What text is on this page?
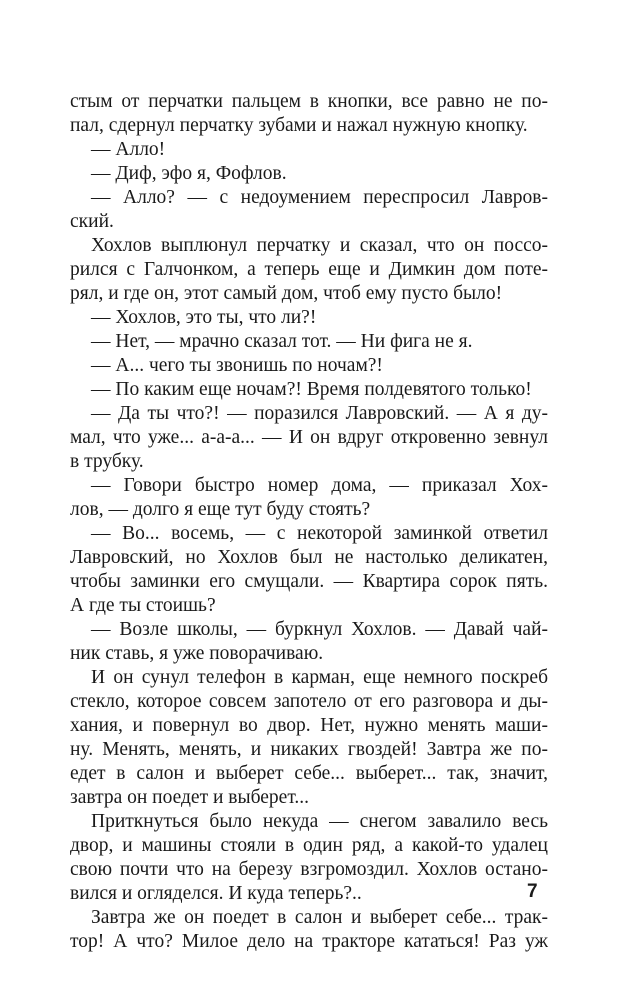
стым от перчатки пальцем в кнопки, все равно не по-
пал, сдернул перчатку зубами и нажал нужную кнопку.
— Алло!
— Диф, эфо я, Фофлов.
— Алло? — с недоумением переспросил Лавров-
ский.
Хохлов выплюнул перчатку и сказал, что он поссо-
рился с Галчонком, а теперь еще и Димкин дом потe-
рял, и где он, этот самый дом, чтоб ему пусто было!
— Хохлов, это ты, что ли?!
— Нет, — мрачно сказал тот. — Ни фига не я.
— А... чего ты звонишь по ночам?!
— По каким еще ночам?! Время полдевятого только!
— Да ты что?! — поразился Лавровский. — А я ду-
мал, что уже... а-а-а... — И он вдруг откровенно зевнул
в трубку.
— Говори быстро номер дома, — приказал Хох-
лов, — долго я еще тут буду стоять?
— Во... восемь, — с некоторой заминкой ответил
Лавровский, но Хохлов был не настолько деликатен,
чтобы заминки его смущали. — Квартира сорок пять.
А где ты стоишь?
— Возле школы, — буркнул Хохлов. — Давай чай-
ник ставь, я уже поворачиваю.
И он сунул телефон в карман, еще немного поскреб
стекло, которое совсем запотело от его разговора и ды-
хания, и повернул во двор. Нет, нужно менять маши-
ну. Менять, менять, и никаких гвоздей! Завтра же по-
едет в салон и выберет себе... выберет... так, значит,
завтра он поедет и выберет...
Приткнуться было некуда — снегом завалило весь
двор, и машины стояли в один ряд, а какой-то удалец
свою почти что на березу взгромоздил. Хохлов остано-
вился и огляделся. И куда теперь?..
Завтра же он поедет в салон и выберет себе... трак-
тор! А что? Милое дело на тракторе кататься! Раз уж
7
